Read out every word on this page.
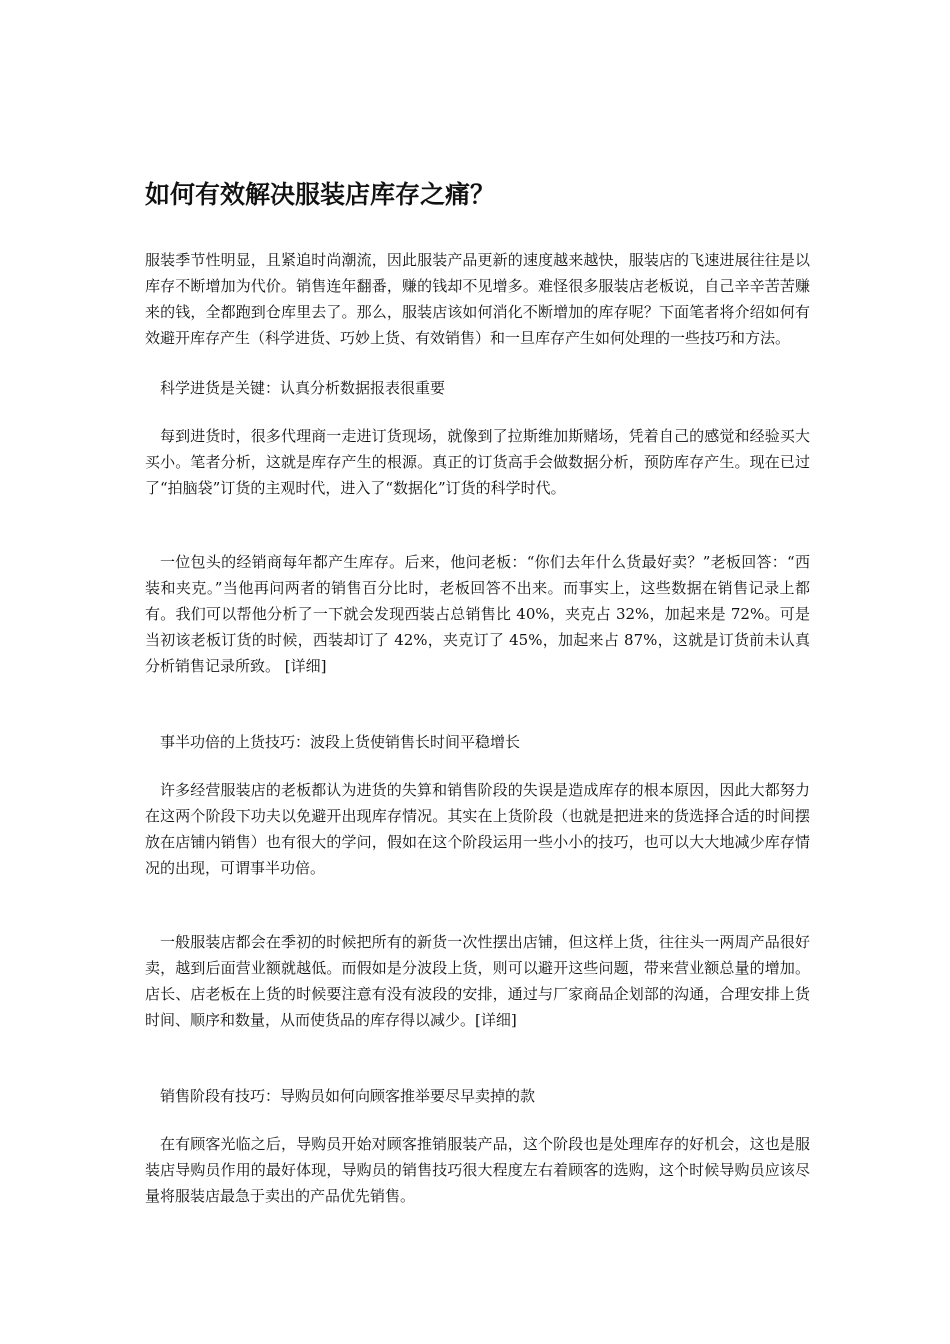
如何有效解决服装店库存之痛？

服装季节性明显，且紧追时尚潮流，因此服装产品更新的速度越来越快，服装店的飞速进展往往是以库存不断增加为代价。销售连年翻番，赚的钱却不见增多。难怪很多服装店老板说，自己辛辛苦苦赚来的钱，全都跑到仓库里去了。那么，服装店该如何消化不断增加的库存呢？下面笔者将介绍如何有效避开库存产生（科学进货、巧妙上货、有效销售）和一旦库存产生如何处理的一些技巧和方法。

科学进货是关键：认真分析数据报表很重要

每到进货时，很多代理商一走进订货现场，就像到了拉斯维加斯赌场，凭着自己的感觉和经验买大买小。笔者分析，这就是库存产生的根源。真正的订货高手会做数据分析，预防库存产生。现在已过了“拍脑袋”订货的主观时代，进入了“数据化”订货的科学时代。

一位包头的经销商每年都产生库存。后来，他问老板：“你们去年什么货最好卖？”老板回答：“西装和夹克。”当他再问两者的销售百分比时，老板回答不出来。而事实上，这些数据在销售记录上都有。我们可以帮他分析了一下就会发现西装占总销售比 40%，夹克占 32%，加起来是 72%。可是当初该老板订货的时候，西装却订了 42%，夹克订了 45%，加起来占 87%，这就是订货前未认真分析销售记录所致。 [详细]

事半功倍的上货技巧：波段上货使销售长时间平稳增长

许多经营服装店的老板都认为进货的失算和销售阶段的失误是造成库存的根本原因，因此大都努力在这两个阶段下功夫以免避开出现库存情况。其实在上货阶段（也就是把进来的货选择合适的时间摆放在店铺内销售）也有很大的学问，假如在这个阶段运用一些小小的技巧，也可以大大地减少库存情况的出现，可谓事半功倍。

一般服装店都会在季初的时候把所有的新货一次性摆出店铺，但这样上货，往往头一两周产品很好卖，越到后面营业额就越低。而假如是分波段上货，则可以避开这些问题，带来营业额总量的增加。店长、店老板在上货的时候要注意有没有波段的安排，通过与厂家商品企划部的沟通，合理安排上货时间、顺序和数量，从而使货品的库存得以减少。[详细]

销售阶段有技巧：导购员如何向顾客推举要尽早卖掉的款

在有顾客光临之后，导购员开始对顾客推销服装产品，这个阶段也是处理库存的好机会，这也是服装店导购员作用的最好体现，导购员的销售技巧很大程度左右着顾客的选购，这个时候导购员应该尽量将服装店最急于卖出的产品优先销售。
